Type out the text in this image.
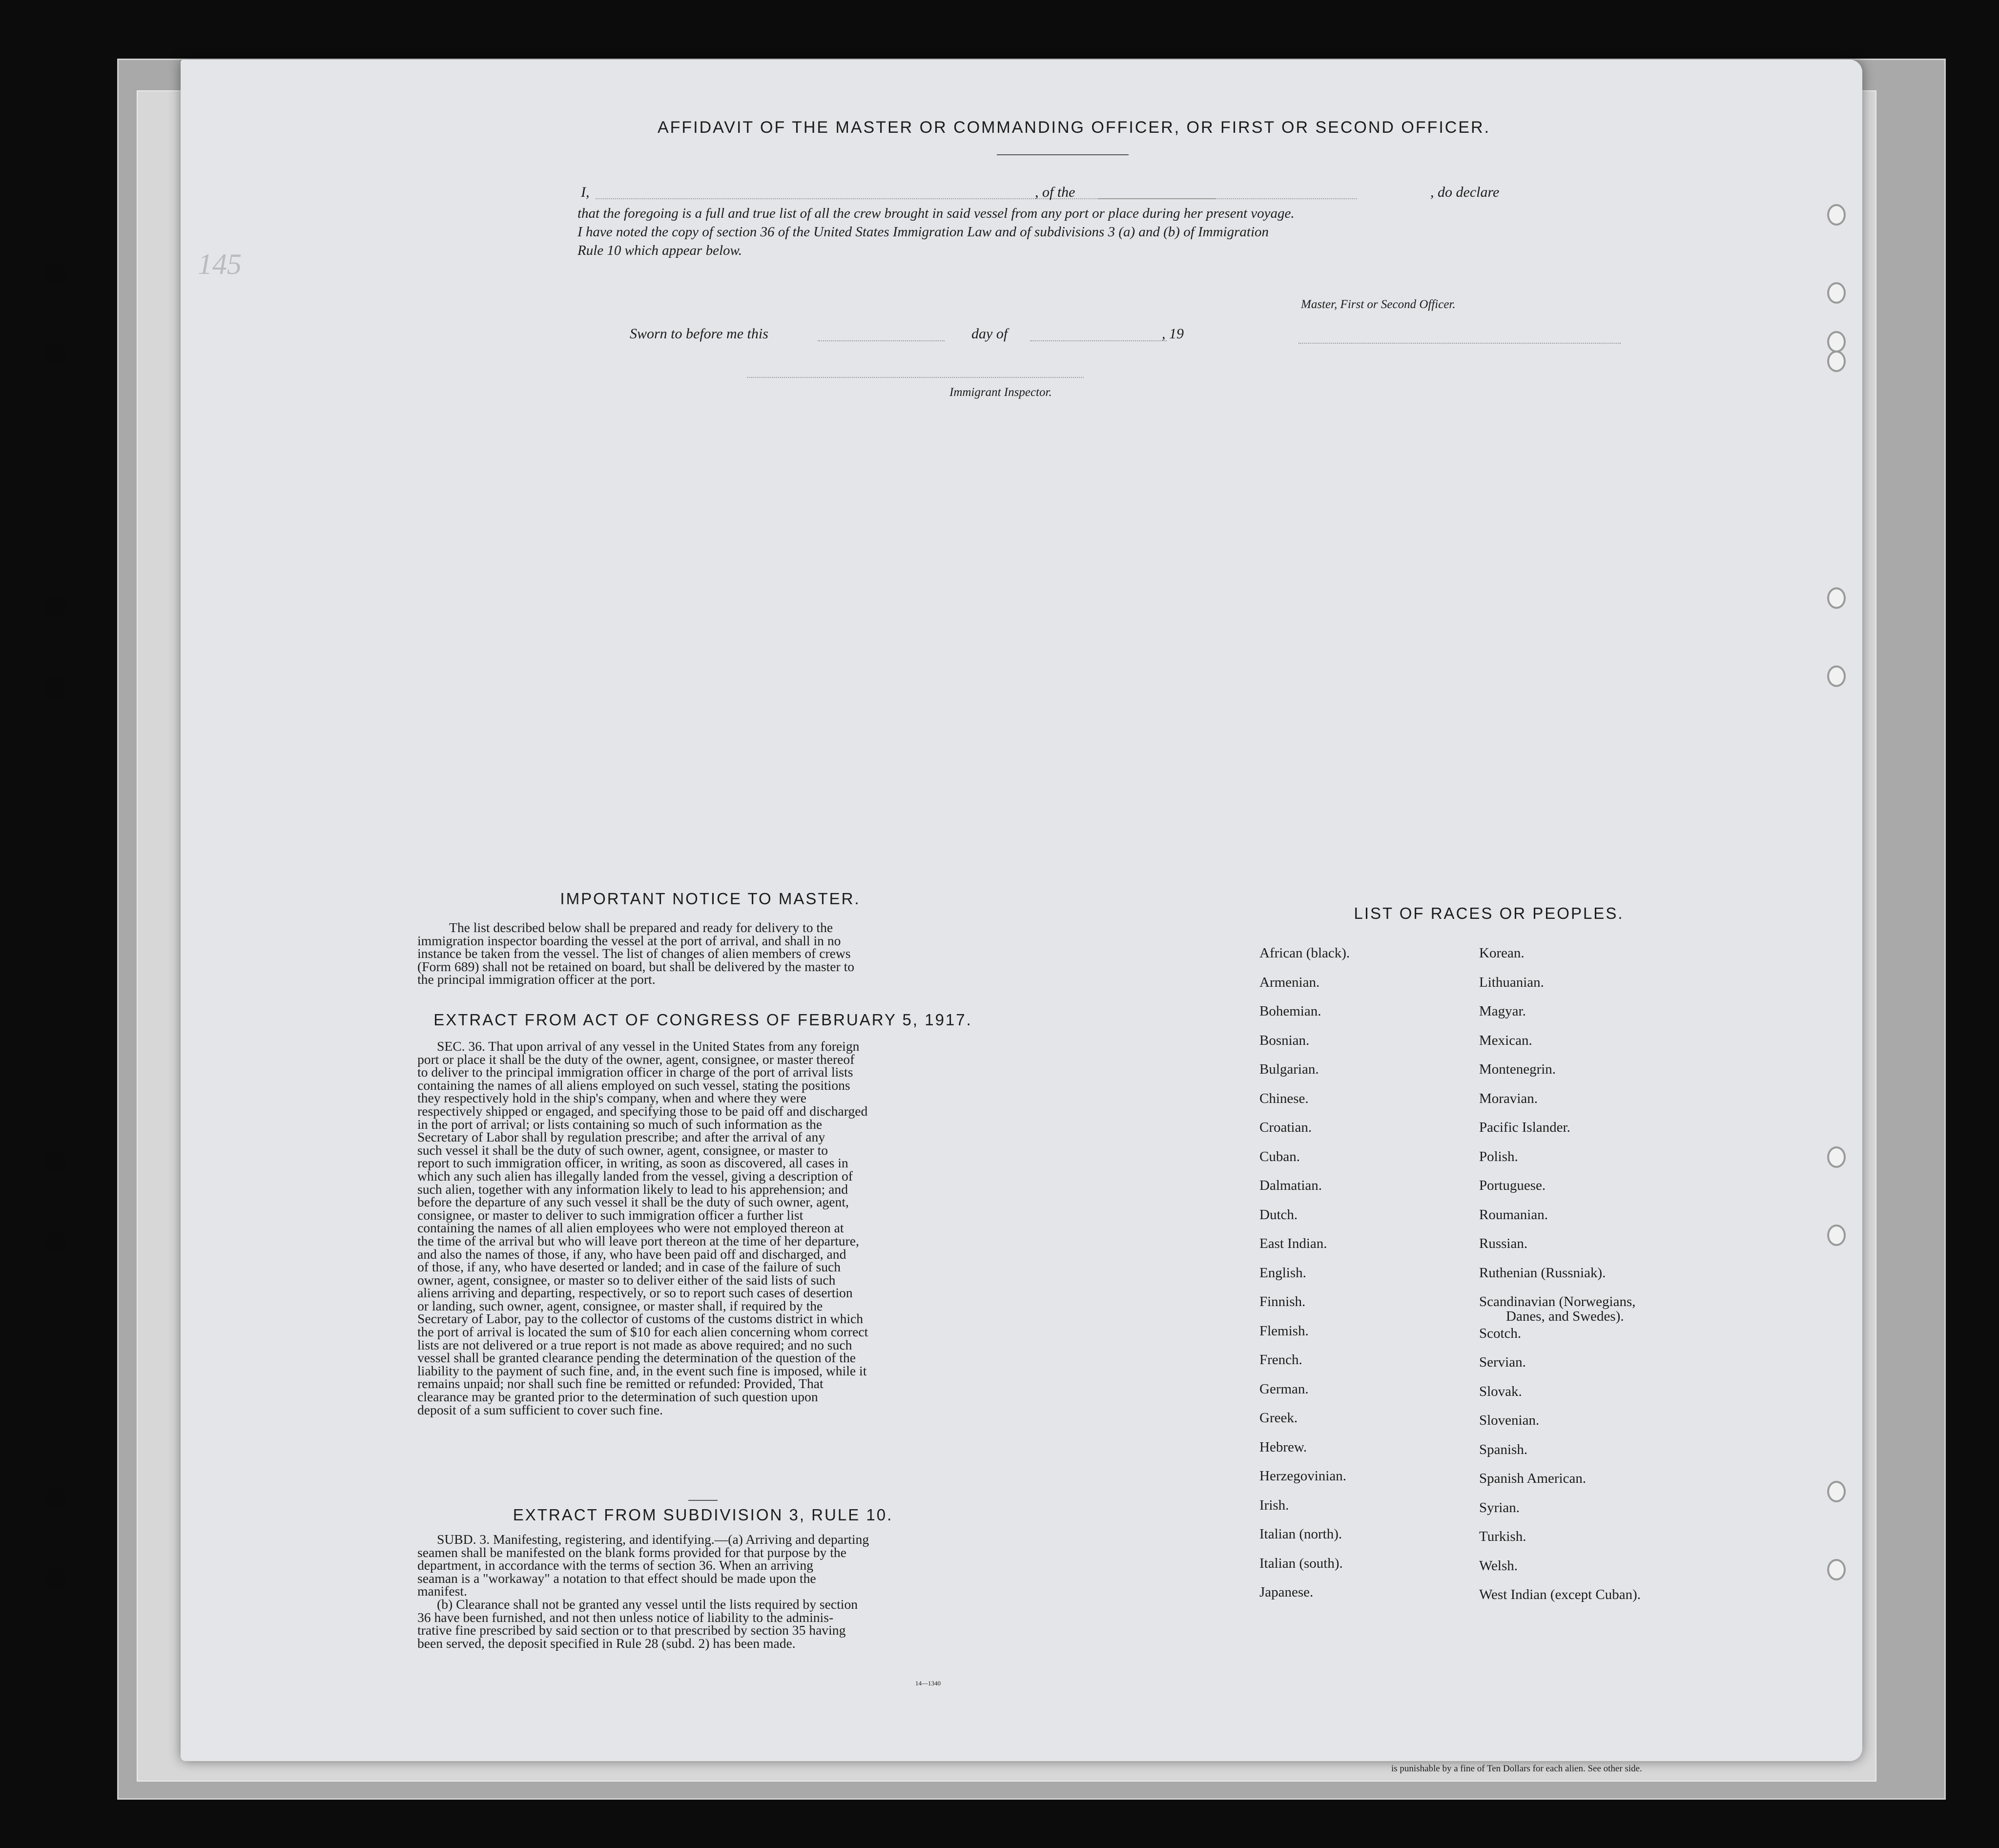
145
AFFIDAVIT OF THE MASTER OR COMMANDING OFFICER, OR FIRST OR SECOND OFFICER.
I,	, of the	, do declare
that the foregoing is a full and true list of all the crew brought in said vessel from any port or place during her present voyage.
I have noted the copy of section 36 of the United States Immigration Law and of subdivisions 3 (a) and (b) of Immigration
Rule 10 which appear below.
Master, First or Second Officer.
Sworn to before me this	day of	, 19
Immigrant Inspector.
IMPORTANT NOTICE TO MASTER.
The list described below shall be prepared and ready for delivery to the
immigration inspector boarding the vessel at the port of arrival, and shall in no
instance be taken from the vessel. The list of changes of alien members of crews
(Form 689) shall not be retained on board, but shall be delivered by the master to
the principal immigration officer at the port.
EXTRACT FROM ACT OF CONGRESS OF FEBRUARY 5, 1917.
SEC. 36. That upon arrival of any vessel in the United States from any foreign
port or place it shall be the duty of the owner, agent, consignee, or master thereof
to deliver to the principal immigration officer in charge of the port of arrival lists
containing the names of all aliens employed on such vessel, stating the positions
they respectively hold in the ship's company, when and where they were
respectively shipped or engaged, and specifying those to be paid off and discharged
in the port of arrival; or lists containing so much of such information as the
Secretary of Labor shall by regulation prescribe; and after the arrival of any
such vessel it shall be the duty of such owner, agent, consignee, or master to
report to such immigration officer, in writing, as soon as discovered, all cases in
which any such alien has illegally landed from the vessel, giving a description of
such alien, together with any information likely to lead to his apprehension; and
before the departure of any such vessel it shall be the duty of such owner, agent,
consignee, or master to deliver to such immigration officer a further list
containing the names of all alien employees who were not employed thereon at
the time of the arrival but who will leave port thereon at the time of her departure,
and also the names of those, if any, who have been paid off and discharged, and
of those, if any, who have deserted or landed; and in case of the failure of such
owner, agent, consignee, or master so to deliver either of the said lists of such
aliens arriving and departing, respectively, or so to report such cases of desertion
or landing, such owner, agent, consignee, or master shall, if required by the
Secretary of Labor, pay to the collector of customs of the customs district in which
the port of arrival is located the sum of $10 for each alien concerning whom correct
lists are not delivered or a true report is not made as above required; and no such
vessel shall be granted clearance pending the determination of the question of the
liability to the payment of such fine, and, in the event such fine is imposed, while it
remains unpaid; nor shall such fine be remitted or refunded: Provided, That
clearance may be granted prior to the determination of such question upon
deposit of a sum sufficient to cover such fine.
EXTRACT FROM SUBDIVISION 3, RULE 10.
SUBD. 3. Manifesting, registering, and identifying.—(a) Arriving and departing
seamen shall be manifested on the blank forms provided for that purpose by the
department, in accordance with the terms of section 36. When an arriving
seaman is a "workaway" a notation to that effect should be made upon the
manifest.
(b) Clearance shall not be granted any vessel until the lists required by section
36 have been furnished, and not then unless notice of liability to the adminis-
trative fine prescribed by said section or to that prescribed by section 35 having
been served, the deposit specified in Rule 28 (subd. 2) has been made.
14—1340
LIST OF RACES OR PEOPLES.
African (black).
Armenian.
Bohemian.
Bosnian.
Bulgarian.
Chinese.
Croatian.
Cuban.
Dalmatian.
Dutch.
East Indian.
English.
Finnish.
Flemish.
French.
German.
Greek.
Hebrew.
Herzegovinian.
Irish.
Italian (north).
Italian (south).
Japanese.
Korean.
Lithuanian.
Magyar.
Mexican.
Montenegrin.
Moravian.
Pacific Islander.
Polish.
Portuguese.
Roumanian.
Russian.
Ruthenian (Russniak).
Scandinavian (Norwegians,
Danes, and Swedes).
Scotch.
Servian.
Slovak.
Slovenian.
Spanish.
Spanish American.
Syrian.
Turkish.
Welsh.
West Indian (except Cuban).
is punishable by a fine of Ten Dollars for each alien. See other side.
